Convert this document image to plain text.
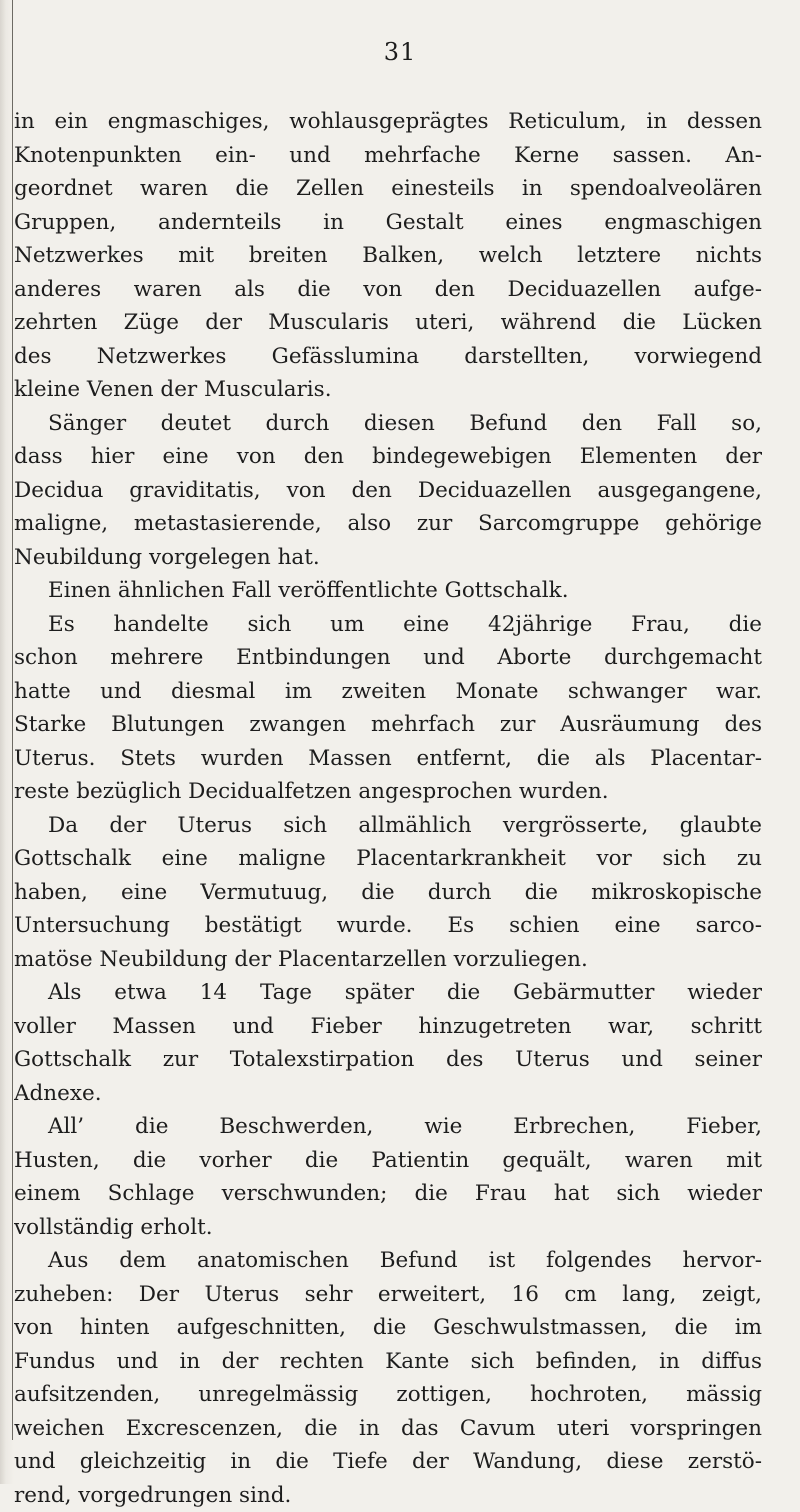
31
in ein engmaschiges, wohlausgeprägtes Reticulum, in dessen
Knotenpunkten ein- und mehrfache Kerne sassen. An-
geordnet waren die Zellen einesteils in spendoalveolären
Gruppen, andernteils in Gestalt eines engmaschigen
Netzwerkes mit breiten Balken, welch letztere nichts
anderes waren als die von den Deciduazellen aufge-
zehrten Züge der Muscularis uteri, während die Lücken
des Netzwerkes Gefässlumina darstellten, vorwiegend
kleine Venen der Muscularis.
Sänger deutet durch diesen Befund den Fall so,
dass hier eine von den bindegewebigen Elementen der
Decidua graviditatis, von den Deciduazellen ausgegangene,
maligne, metastasierende, also zur Sarcomgruppe gehörige
Neubildung vorgelegen hat.
Einen ähnlichen Fall veröffentlichte Gottschalk.
Es handelte sich um eine 42jährige Frau, die
schon mehrere Entbindungen und Aborte durchgemacht
hatte und diesmal im zweiten Monate schwanger war.
Starke Blutungen zwangen mehrfach zur Ausräumung des
Uterus. Stets wurden Massen entfernt, die als Placentar-
reste bezüglich Decidualfetzen angesprochen wurden.
Da der Uterus sich allmählich vergrösserte, glaubte
Gottschalk eine maligne Placentarkrankheit vor sich zu
haben, eine Vermutuug, die durch die mikroskopische
Untersuchung bestätigt wurde. Es schien eine sarco-
matöse Neubildung der Placentarzellen vorzuliegen.
Als etwa 14 Tage später die Gebärmutter wieder
voller Massen und Fieber hinzugetreten war, schritt
Gottschalk zur Totalexstirpation des Uterus und seiner
Adnexe.
All’ die Beschwerden, wie Erbrechen, Fieber,
Husten, die vorher die Patientin gequält, waren mit
einem Schlage verschwunden; die Frau hat sich wieder
vollständig erholt.
Aus dem anatomischen Befund ist folgendes hervor-
zuheben: Der Uterus sehr erweitert, 16 cm lang, zeigt,
von hinten aufgeschnitten, die Geschwulstmassen, die im
Fundus und in der rechten Kante sich befinden, in diffus
aufsitzenden, unregelmässig zottigen, hochroten, mässig
weichen Excrescenzen, die in das Cavum uteri vorspringen
und gleichzeitig in die Tiefe der Wandung, diese zerstö-
rend, vorgedrungen sind.
